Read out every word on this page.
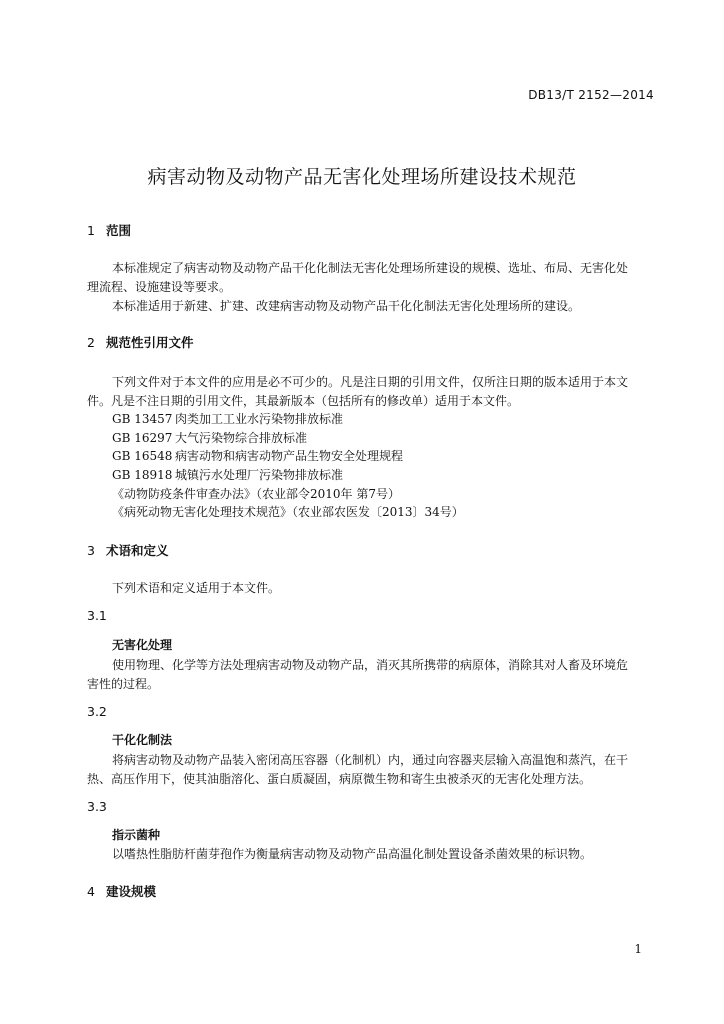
DB13/T 2152—2014
病害动物及动物产品无害化处理场所建设技术规范
1 范围
本标准规定了病害动物及动物产品干化化制法无害化处理场所建设的规模、选址、布局、无害化处
理流程、设施建设等要求。
本标准适用于新建、扩建、改建病害动物及动物产品干化化制法无害化处理场所的建设。
2 规范性引用文件
下列文件对于本文件的应用是必不可少的。凡是注日期的引用文件，仅所注日期的版本适用于本文
件。凡是不注日期的引用文件，其最新版本（包括所有的修改单）适用于本文件。
GB 13457 肉类加工工业水污染物排放标准
GB 16297 大气污染物综合排放标准
GB 16548 病害动物和病害动物产品生物安全处理规程
GB 18918 城镇污水处理厂污染物排放标准
《动物防疫条件审查办法》（农业部令2010年 第7号）
《病死动物无害化处理技术规范》（农业部农医发〔2013〕34号）
3 术语和定义
下列术语和定义适用于本文件。
3.1
无害化处理
使用物理、化学等方法处理病害动物及动物产品，消灭其所携带的病原体，消除其对人畜及环境危
害性的过程。
3.2
干化化制法
将病害动物及动物产品装入密闭高压容器（化制机）内，通过向容器夹层输入高温饱和蒸汽，在干
热、高压作用下，使其油脂溶化、蛋白质凝固，病原微生物和寄生虫被杀灭的无害化处理方法。
3.3
指示菌种
以嗜热性脂肪杆菌芽孢作为衡量病害动物及动物产品高温化制处置设备杀菌效果的标识物。
4 建设规模
1
